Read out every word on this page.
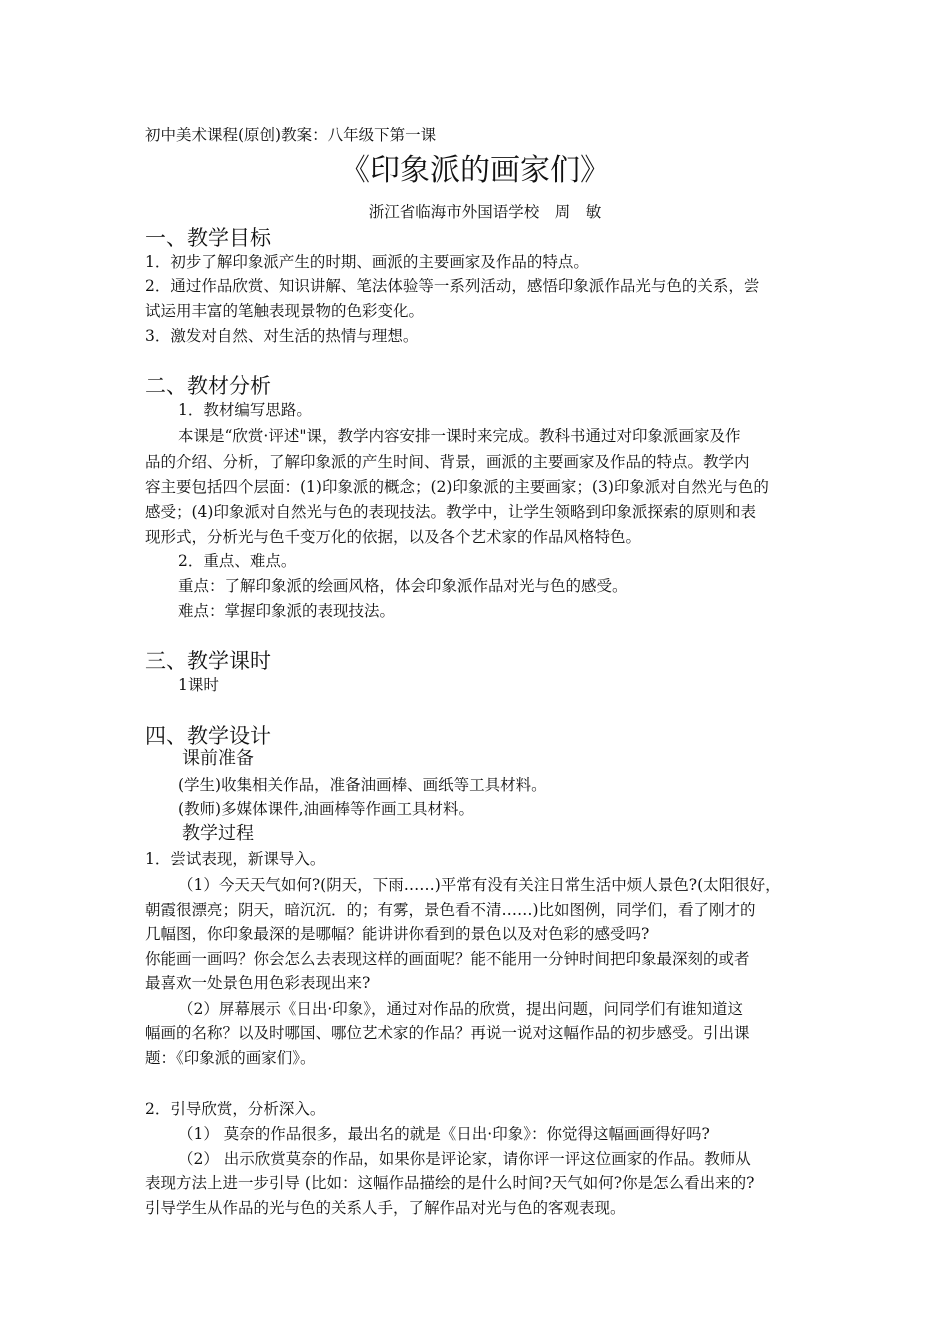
初中美术课程(原创)教案：八年级下第一课
《印象派的画家们》
浙江省临海市外国语学校　周　敏
一、教学目标
1．初步了解印象派产生的时期、画派的主要画家及作品的特点。
2．通过作品欣赏、知识讲解、笔法体验等一系列活动，感悟印象派作品光与色的关系，尝
试运用丰富的笔触表现景物的色彩变化。
3．激发对自然、对生活的热情与理想。
二、教材分析
1．教材编写思路。
本课是“欣赏·评述"课，教学内容安排一课时来完成。教科书通过对印象派画家及作
品的介绍、分析，了解印象派的产生时间、背景，画派的主要画家及作品的特点。教学内
容主要包括四个层面：(1)印象派的概念；(2)印象派的主要画家；(3)印象派对自然光与色的
感受；(4)印象派对自然光与色的表现技法。教学中，让学生领略到印象派探索的原则和表
现形式，分析光与色千变万化的依据，以及各个艺术家的作品风格特色。
2．重点、难点。
重点：了解印象派的绘画风格，体会印象派作品对光与色的感受。
难点：掌握印象派的表现技法。
三、教学课时
1课时
四、教学设计
课前准备
(学生)收集相关作品，准备油画棒、画纸等工具材料。
(教师)多媒体课件,油画棒等作画工具材料。
教学过程
1．尝试表现，新课导入。
（1）今天天气如何?(阴天，下雨……)平常有没有关注日常生活中烦人景色?(太阳很好，
朝霞很漂亮；阴天，暗沉沉．的；有雾，景色看不清……)比如图例，同学们，看了刚才的
几幅图，你印象最深的是哪幅？能讲讲你看到的景色以及对色彩的感受吗?
你能画一画吗？你会怎么去表现这样的画面呢？能不能用一分钟时间把印象最深刻的或者
最喜欢一处景色用色彩表现出来?
（2）屏幕展示《日出·印象》，通过对作品的欣赏，提出问题，问同学们有谁知道这
幅画的名称？以及时哪国、哪位艺术家的作品？再说一说对这幅作品的初步感受。引出课
题：《印象派的画家们》。
2．引导欣赏，分析深入。
（1） 莫奈的作品很多，最出名的就是《日出·印象》：你觉得这幅画画得好吗?
（2） 出示欣赏莫奈的作品，如果你是评论家，请你评一评这位画家的作品。教师从
表现方法上进一步引导 (比如：这幅作品描绘的是什么时间?天气如何?你是怎么看出来的?
引导学生从作品的光与色的关系人手，了解作品对光与色的客观表现。
